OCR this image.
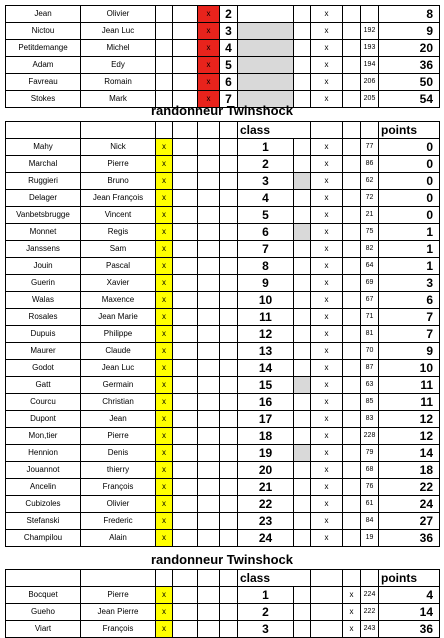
Jean	Olivier			x	2			x			8
Nictou	Jean Luc			x	3			x		192	9
Petitdemange	Michel			x	4			x		193	20
Adam	Edy			x	5			x		194	36
Favreau	Romain			x	6			x		206	50
Stokes	Mark			x	7			x		205	54
randonneur Twinshock
						class					points
Mahy	Nick	x				1		x		77	0
Marchal	Pierre	x				2		x		86	0
Ruggieri	Bruno	x				3		x		62	0
Delager	Jean François	x				4		x		72	0
Vanbetsbrugge	Vincent	x				5		x		21	0
Monnet	Regis	x				6		x		75	1
Janssens	Sam	x				7		x		82	1
Jouin	Pascal	x				8		x		64	1
Guerin	Xavier	x				9		x		69	3
Walas	Maxence	x				10		x		67	6
Rosales	Jean Marie	x				11		x		71	7
Dupuis	Philippe	x				12		x		81	7
Maurer	Claude	x				13		x		70	9
Godot	Jean Luc	x				14		x		87	10
Gatt	Germain	x				15		x		63	11
Courcu	Christian	x				16		x		85	11
Dupont	Jean	x				17		x		83	12
Mon,tier	Pierre	x				18		x		228	12
Hennion	Denis	x				19		x		79	14
Jouannot	thierry	x				20		x		68	18
Ancelin	François	x				21		x		76	22
Cubizoles	Olivier	x				22		x		61	24
Stefanski	Frederic	x				23		x		84	27
Champilou	Alain	x				24		x		19	36
randonneur Twinshock
						class					points
Bocquet	Pierre	x				1			x	224	4
Gueho	Jean Pierre	x				2			x	222	14
Viart	François	x				3			x	243	36
